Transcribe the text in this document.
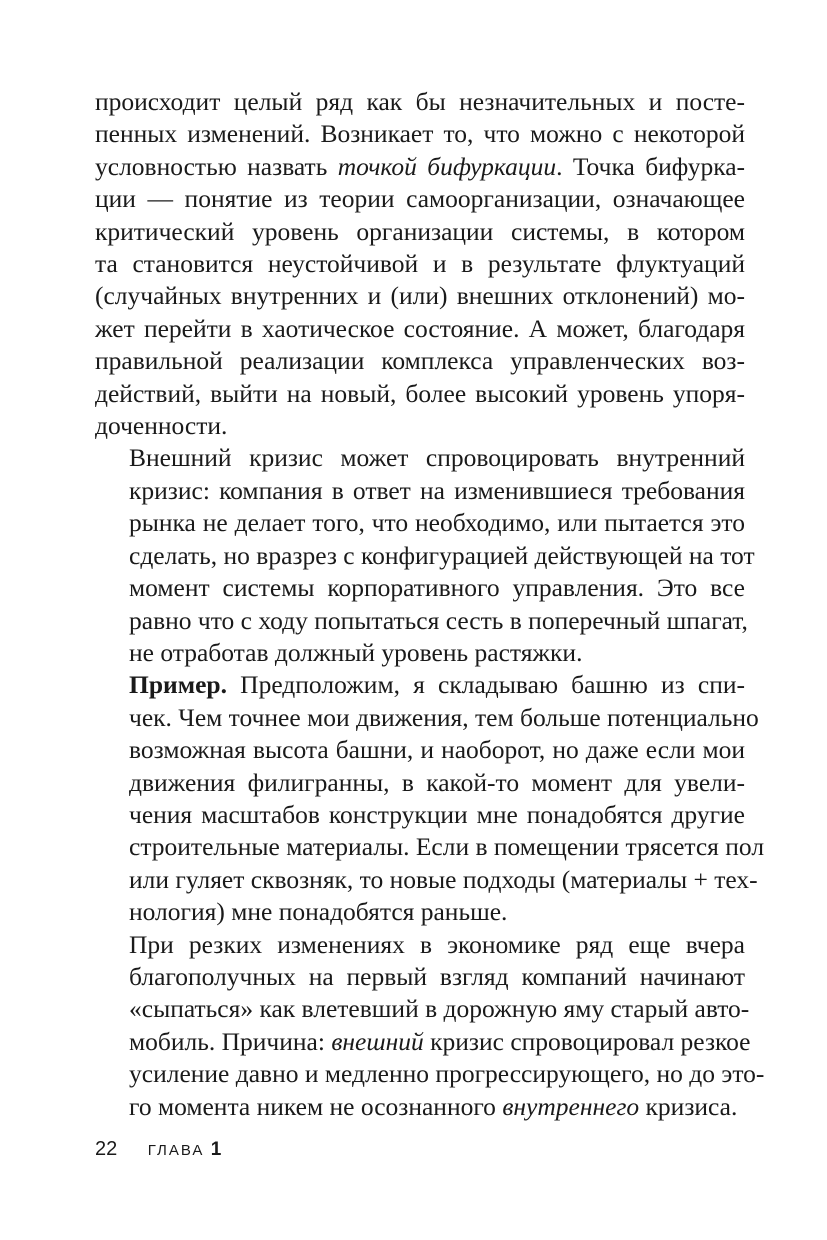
происходит целый ряд как бы незначительных и посте-
пенных изменений. Возникает то, что можно с некоторой
условностью назвать точкой бифуркации. Точка бифурка-
ции — понятие из теории самоорганизации, означающее
критический уровень организации системы, в котором
та становится неустойчивой и в результате флуктуаций
(случайных внутренних и (или) внешних отклонений) мо-
жет перейти в хаотическое состояние. А может, благодаря
правильной реализации комплекса управленческих воз-
действий, выйти на новый, более высокий уровень упоря-
доченности.

Внешний кризис может спровоцировать внутренний
кризис: компания в ответ на изменившиеся требования
рынка не делает того, что необходимо, или пытается это
сделать, но вразрез с конфигурацией действующей на тот
момент системы корпоративного управления. Это все
равно что с ходу попытаться сесть в поперечный шпагат,
не отработав должный уровень растяжки.

Пример. Предположим, я складываю башню из спи-
чек. Чем точнее мои движения, тем больше потенциально
возможная высота башни, и наоборот, но даже если мои
движения филигранны, в какой-то момент для увели-
чения масштабов конструкции мне понадобятся другие
строительные материалы. Если в помещении трясется пол
или гуляет сквозняк, то новые подходы (материалы + тех-
нология) мне понадобятся раньше.

При резких изменениях в экономике ряд еще вчера
благополучных на первый взгляд компаний начинают
«сыпаться» как влетевший в дорожную яму старый авто-
мобиль. Причина: внешний кризис спровоцировал резкое
усиление давно и медленно прогрессирующего, но до это-
го момента никем не осознанного внутреннего кризиса.

22 ГЛАВА 1
